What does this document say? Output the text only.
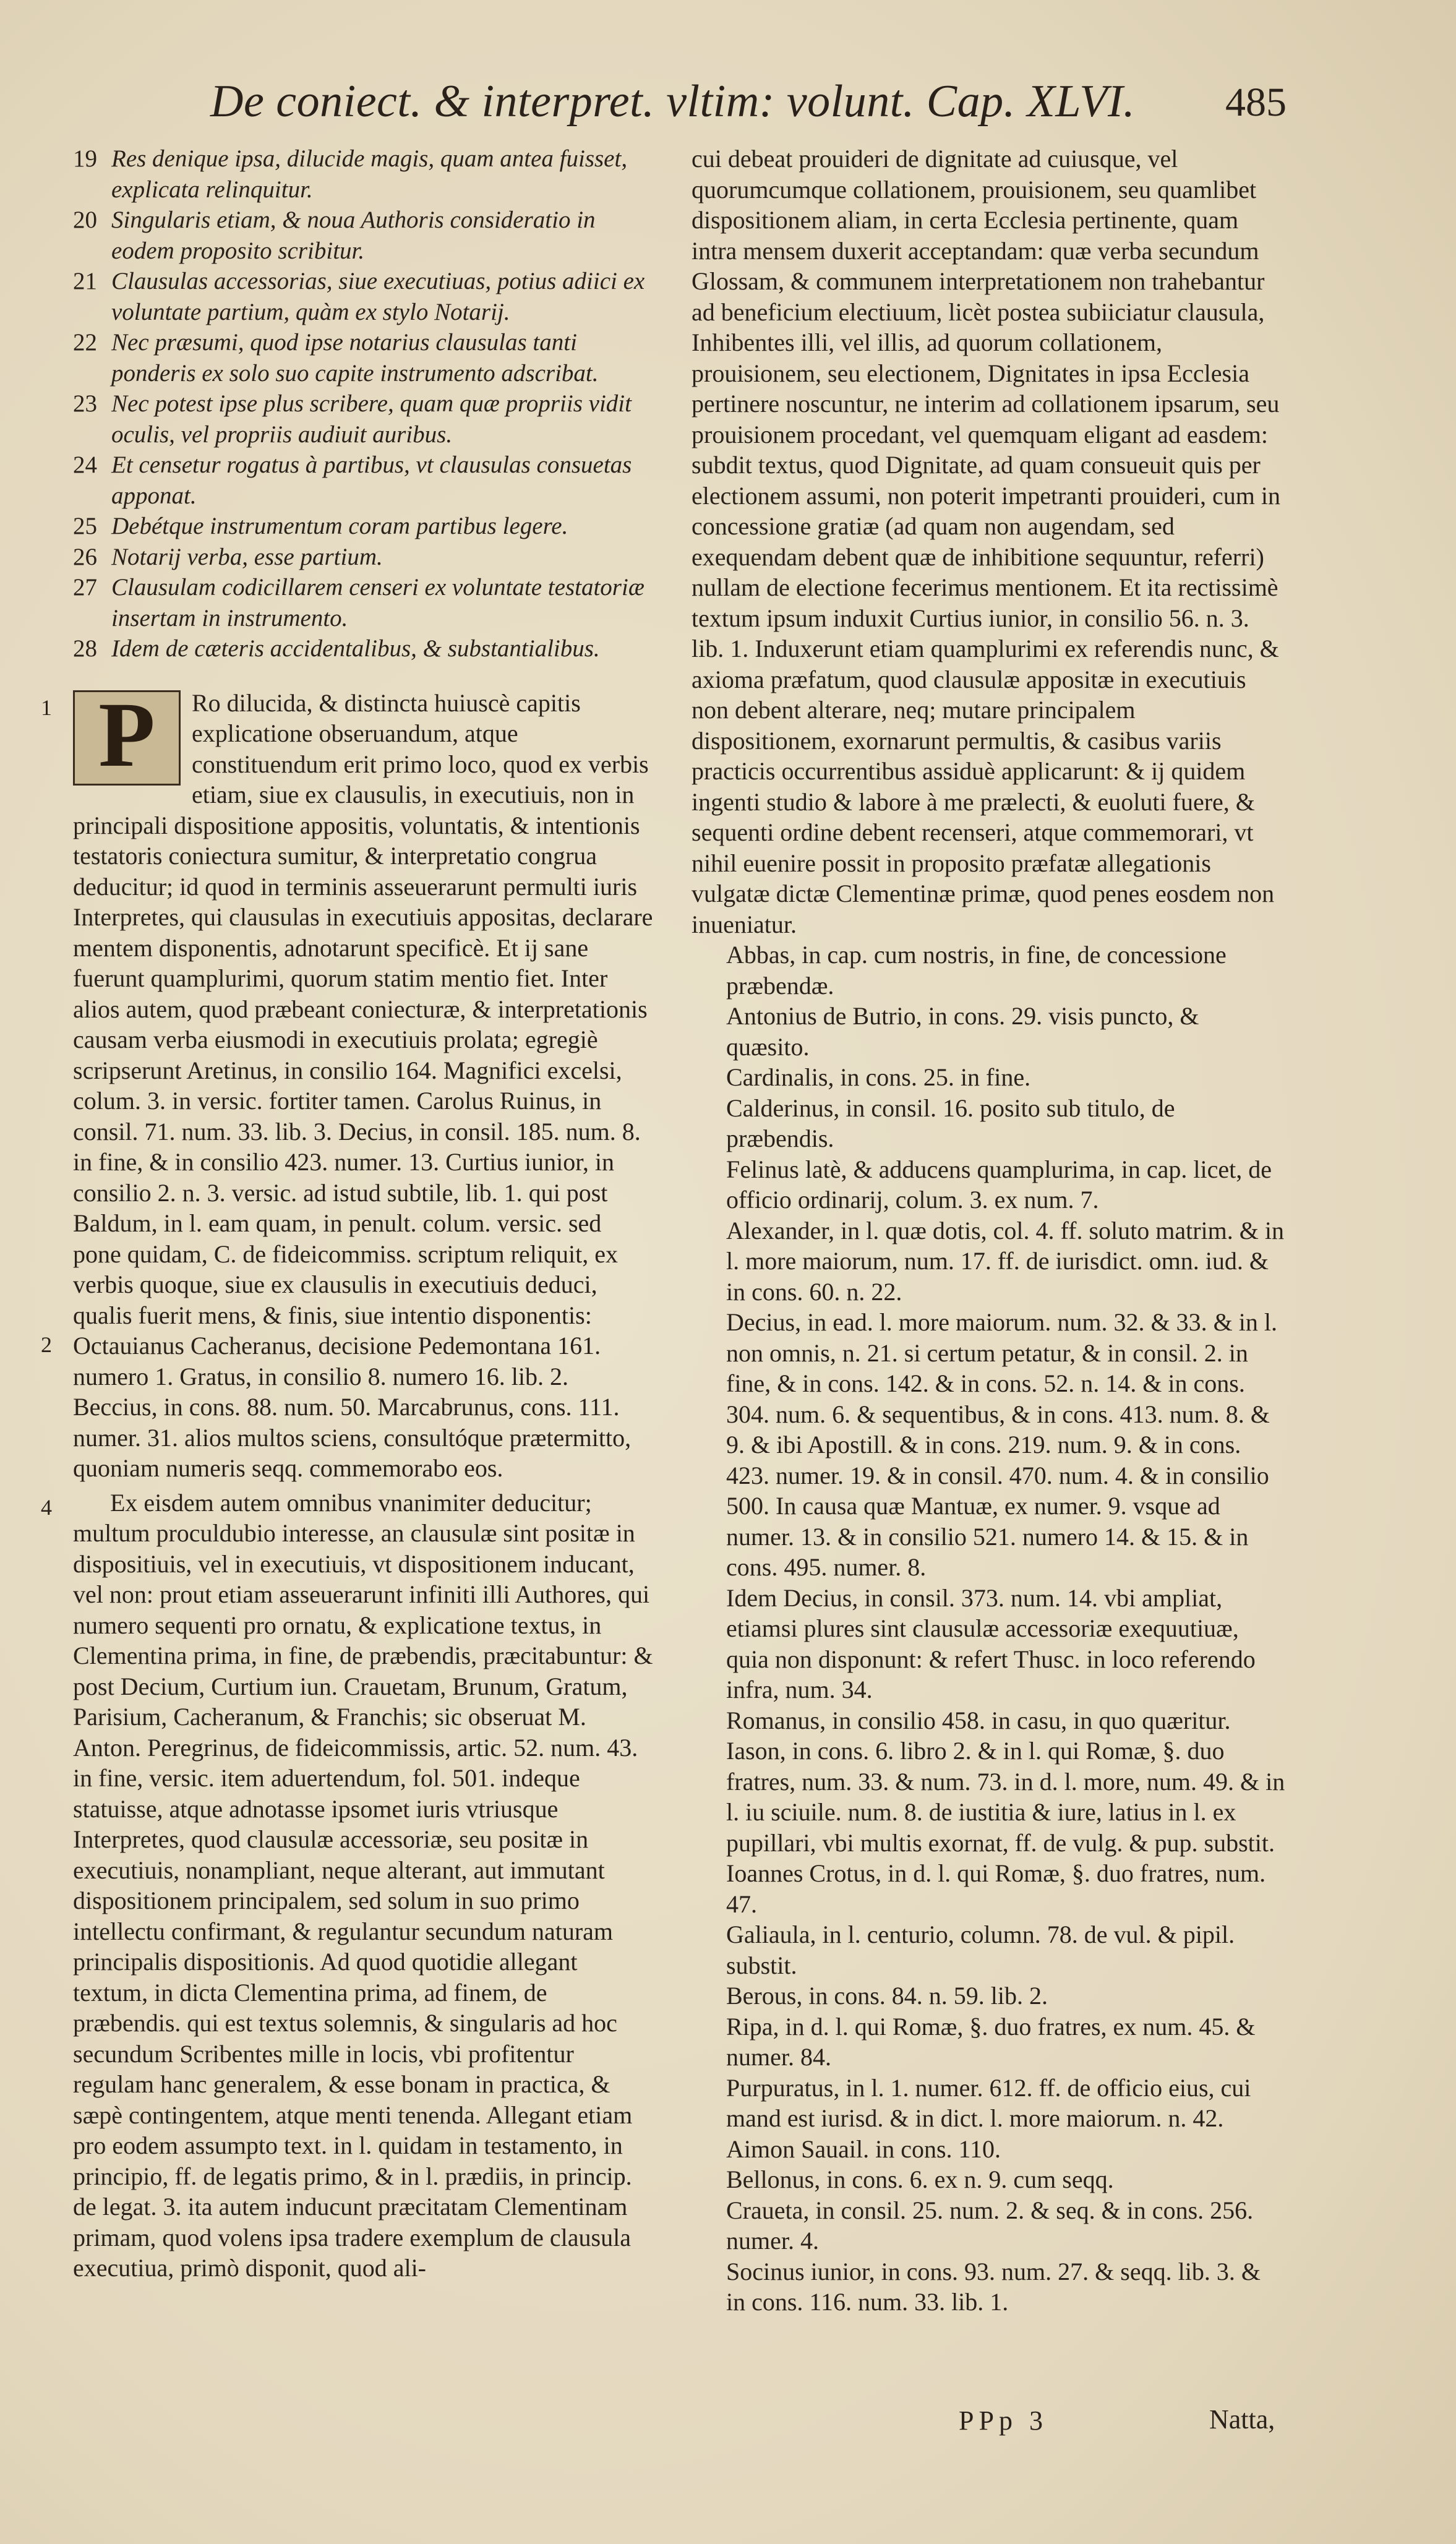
De coniect. & interpret. vltim: volunt. Cap. XLVI. 485
19 Res denique ipsa, dilucide magis, quam antea fuisset, explicata relinquitur.
20 Singularis etiam, & noua Authoris consideratio in eodem proposito scribitur.
21 Clausulas accessorias, siue executiuas, potius adiici ex voluntate partium, quàm ex stylo Notarij.
22 Nec præsumi, quod ipse notarius clausulas tanti ponderis ex solo suo capite instrumento adscribat.
23 Nec potest ipse plus scribere, quam quæ propriis vidit oculis, vel propriis audiuit auribus.
24 Et censetur rogatus à partibus, vt clausulas consuetas apponat.
25 Debétque instrumentum coram partibus legere.
26 Notarij verba, esse partium.
27 Clausulam codicillarem censeri ex voluntate testatoriæ insertam in instrumento.
28 Idem de cæteris accidentalibus, & substantialibus.
1 P	Ro dilucida, & distincta huiuscè capitis explicatione obseruandum, atque constituendum erit primo loco, quod ex verbis etiam, siue ex clausulis, in executiuis, non in principali dispositione appositis, voluntatis, & intentionis testatoris coniectura sumitur, & interpretatio congrua deducitur; id quod in terminis asseuerarunt permulti iuris Interpretes, qui clausulas in executiuis appositas, declarare mentem disponentis, adnotarunt specificè. Et ij sane fuerunt quamplurimi, quorum statim mentio fiet. Inter alios autem, quod præbeant coniecturæ, & interpretationis causam verba eiusmodi in executiuis prolata; egregiè scripserunt Aretinus, in consilio 164. Magnifici excelsi, colum. 3. in versic. fortiter tamen. Carolus Ruinus, in consil. 71. num. 33. lib. 3. Decius, in consil. 185. num. 8. in fine, & in consilio 423. numer. 13. Curtius iunior, in consilio 2. n. 3. versic. ad istud subtile, lib. 1. qui post Baldum, in l. eam quam, in penult. colum. versic. sed pone quidam, C. de fideicommiss. scriptum reliquit, ex verbis quoque, siue ex clausulis in executiuis deduci, qualis fuerit mens, & finis, siue intentio disponentis: Octauianus Cacheranus, decisione Pedemontana 161. numero 1. Gratus, in consilio 8. numero 16. lib. 2. Beccius, in cons. 88. num. 50. Marcabrunus, cons. 111. numer. 31. alios multos sciens, consultóque prætermitto, quoniam numeris seqq. commemorabo eos.

2
4	Ex eisdem autem omnibus vnanimiter deducitur; multum proculdubio interesse, an clausulæ sint positæ in dispositiuis, vel in executiuis, vt dispositionem inducant, vel non: prout etiam asseuerarunt infiniti illi Authores, qui numero sequenti pro ornatu, & explicatione textus, in Clementina prima, in fine, de præbendis, præcitabuntur: & post Decium, Curtium iun. Crauetam, Brunum, Gratum, Parisium, Cacheranum, & Franchis; sic obseruat M. Anton. Peregrinus, de fideicommissis, artic. 52. num. 43. in fine, versic. item aduertendum, fol. 501. indeque statuisse, atque adnotasse ipsomet iuris vtriusque Interpretes, quod clausulæ accessoriæ, seu positæ in executiuis, nonampliant, neque alterant, aut immutant dispositionem principalem, sed solum in suo primo intellectu confirmant, & regulantur secundum naturam principalis dispositionis. Ad quod quotidie allegant textum, in dicta Clementina prima, ad finem, de præbendis. qui est textus solemnis, & singularis ad hoc secundum Scribentes mille in locis, vbi profitentur regulam hanc generalem, & esse bonam in practica, & sæpè contingentem, atque menti tenenda. Allegant etiam pro eodem assumpto text. in l. quidam in testamento, in principio, ff. de legatis primo, & in l. prædiis, in princip. de legat. 3. ita autem inducunt præcitatam Clementinam primam, quod volens ipsa tradere exemplum de clausula executiua, primò disponit, quod ali-

cui debeat prouideri de dignitate ad cuiusque, vel quorumcumque collationem, prouisionem, seu quamlibet dispositionem aliam, in certa Ecclesia pertinente, quam intra mensem duxerit acceptandam: quæ verba secundum Glossam, & communem interpretationem non trahebantur ad beneficium electiuum, licèt postea subiiciatur clausula, Inhibentes illi, vel illis, ad quorum collationem, prouisionem, seu electionem, Dignitates in ipsa Ecclesia pertinere noscuntur, ne interim ad collationem ipsarum, seu prouisionem procedant, vel quemquam eligant ad easdem: subdit textus, quod Dignitate, ad quam consueuit quis per electionem assumi, non poterit impetranti prouideri, cum in concessione gratiæ (ad quam non augendam, sed exequendam debent quæ de inhibitione sequuntur, referri) nullam de electione fecerimus mentionem. Et ita rectissimè textum ipsum induxit Curtius iunior, in consilio 56. n. 3. lib. 1. Induxerunt etiam quamplurimi ex referendis nunc, & axioma præfatum, quod clausulæ appositæ in executiuis non debent alterare, neq; mutare principalem dispositionem, exornarunt permultis, & casibus variis practicis occurrentibus assiduè applicarunt: & ij quidem ingenti studio & labore à me prælecti, & euoluti fuere, & sequenti ordine debent recenseri, atque commemorari, vt nihil euenire possit in proposito præfatæ allegationis vulgatæ dictæ Clementinæ primæ, quod penes eosdem non inueniatur.

Abbas, in cap. cum nostris, in fine, de concessione præbendæ.
Antonius de Butrio, in cons. 29. visis puncto, & quæsito.
Cardinalis, in cons. 25. in fine.
Calderinus, in consil. 16. posito sub titulo, de præbendis.
Felinus latè, & adducens quamplurima, in cap. licet, de officio ordinarij, colum. 3. ex num. 7.
Alexander, in l. quæ dotis, col. 4. ff. soluto matrim. & in l. more maiorum, num. 17. ff. de iurisdict. omn. iud. & in cons. 60. n. 22.
Decius, in ead. l. more maiorum. num. 32. & 33. & in l. non omnis, n. 21. si certum petatur, & in consil. 2. in fine, & in cons. 142. & in cons. 52. n. 14. & in cons. 304. num. 6. & sequentibus, & in cons. 413. num. 8. & 9. & ibi Apostill. & in cons. 219. num. 9. & in cons. 423. numer. 19. & in consil. 470. num. 4. & in consilio 500. In causa quæ Mantuæ, ex numer. 9. vsque ad numer. 13. & in consilio 521. numero 14. & 15. & in cons. 495. numer. 8.
Idem Decius, in consil. 373. num. 14. vbi ampliat, etiamsi plures sint clausulæ accessoriæ exequutiuæ, quia non disponunt: & refert Thusc. in loco referendo infra, num. 34.
Romanus, in consilio 458. in casu, in quo quæritur.
Iason, in cons. 6. libro 2. & in l. qui Romæ, §. duo fratres, num. 33. & num. 73. in d. l. more, num. 49. & in l. iu sciuile. num. 8. de iustitia & iure, latius in l. ex pupillari, vbi multis exornat, ff. de vulg. & pup. substit.
Ioannes Crotus, in d. l. qui Romæ, §. duo fratres, num. 47.
Galiaula, in l. centurio, column. 78. de vul. & pipil. substit.
Berous, in cons. 84. n. 59. lib. 2.
Ripa, in d. l. qui Romæ, §. duo fratres, ex num. 45. & numer. 84.
Purpuratus, in l. 1. numer. 612. ff. de officio eius, cui mand est iurisd. & in dict. l. more maiorum. n. 42.
Aimon Sauail. in cons. 110.
Bellonus, in cons. 6. ex n. 9. cum seqq.
Craueta, in consil. 25. num. 2. & seq. & in cons. 256. numer. 4.
Socinus iunior, in cons. 93. num. 27. & seqq. lib. 3. & in cons. 116. num. 33. lib. 1.
PPp 3	Natta,
